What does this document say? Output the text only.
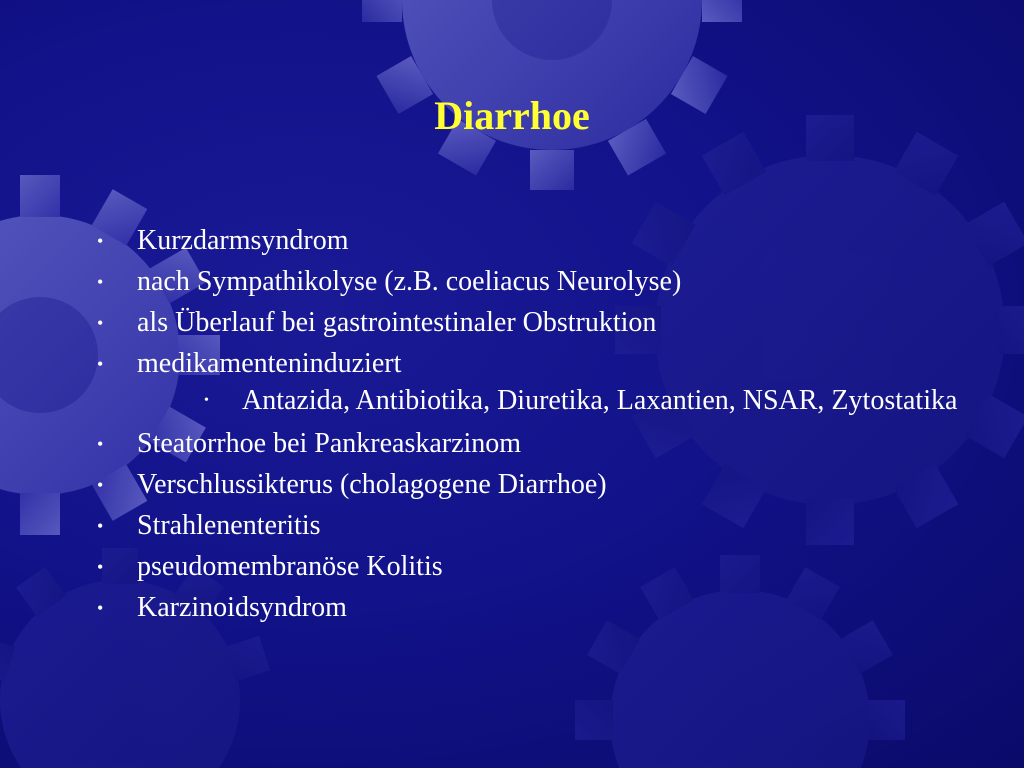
Diarrhoe
• Kurzdarmsyndrom
• nach Sympathikolyse (z.B. coeliacus Neurolyse)
• als Überlauf bei gastrointestinaler Obstruktion
• medikamenteninduziert
• Antazida, Antibiotika, Diuretika, Laxantien, NSAR, Zytostatika
• Steatorrhoe bei Pankreaskarzinom
• Verschlussikterus (cholagogene Diarrhoe)
• Strahlenenteritis
• pseudomembranöse Kolitis
• Karzinoidsyndrom
